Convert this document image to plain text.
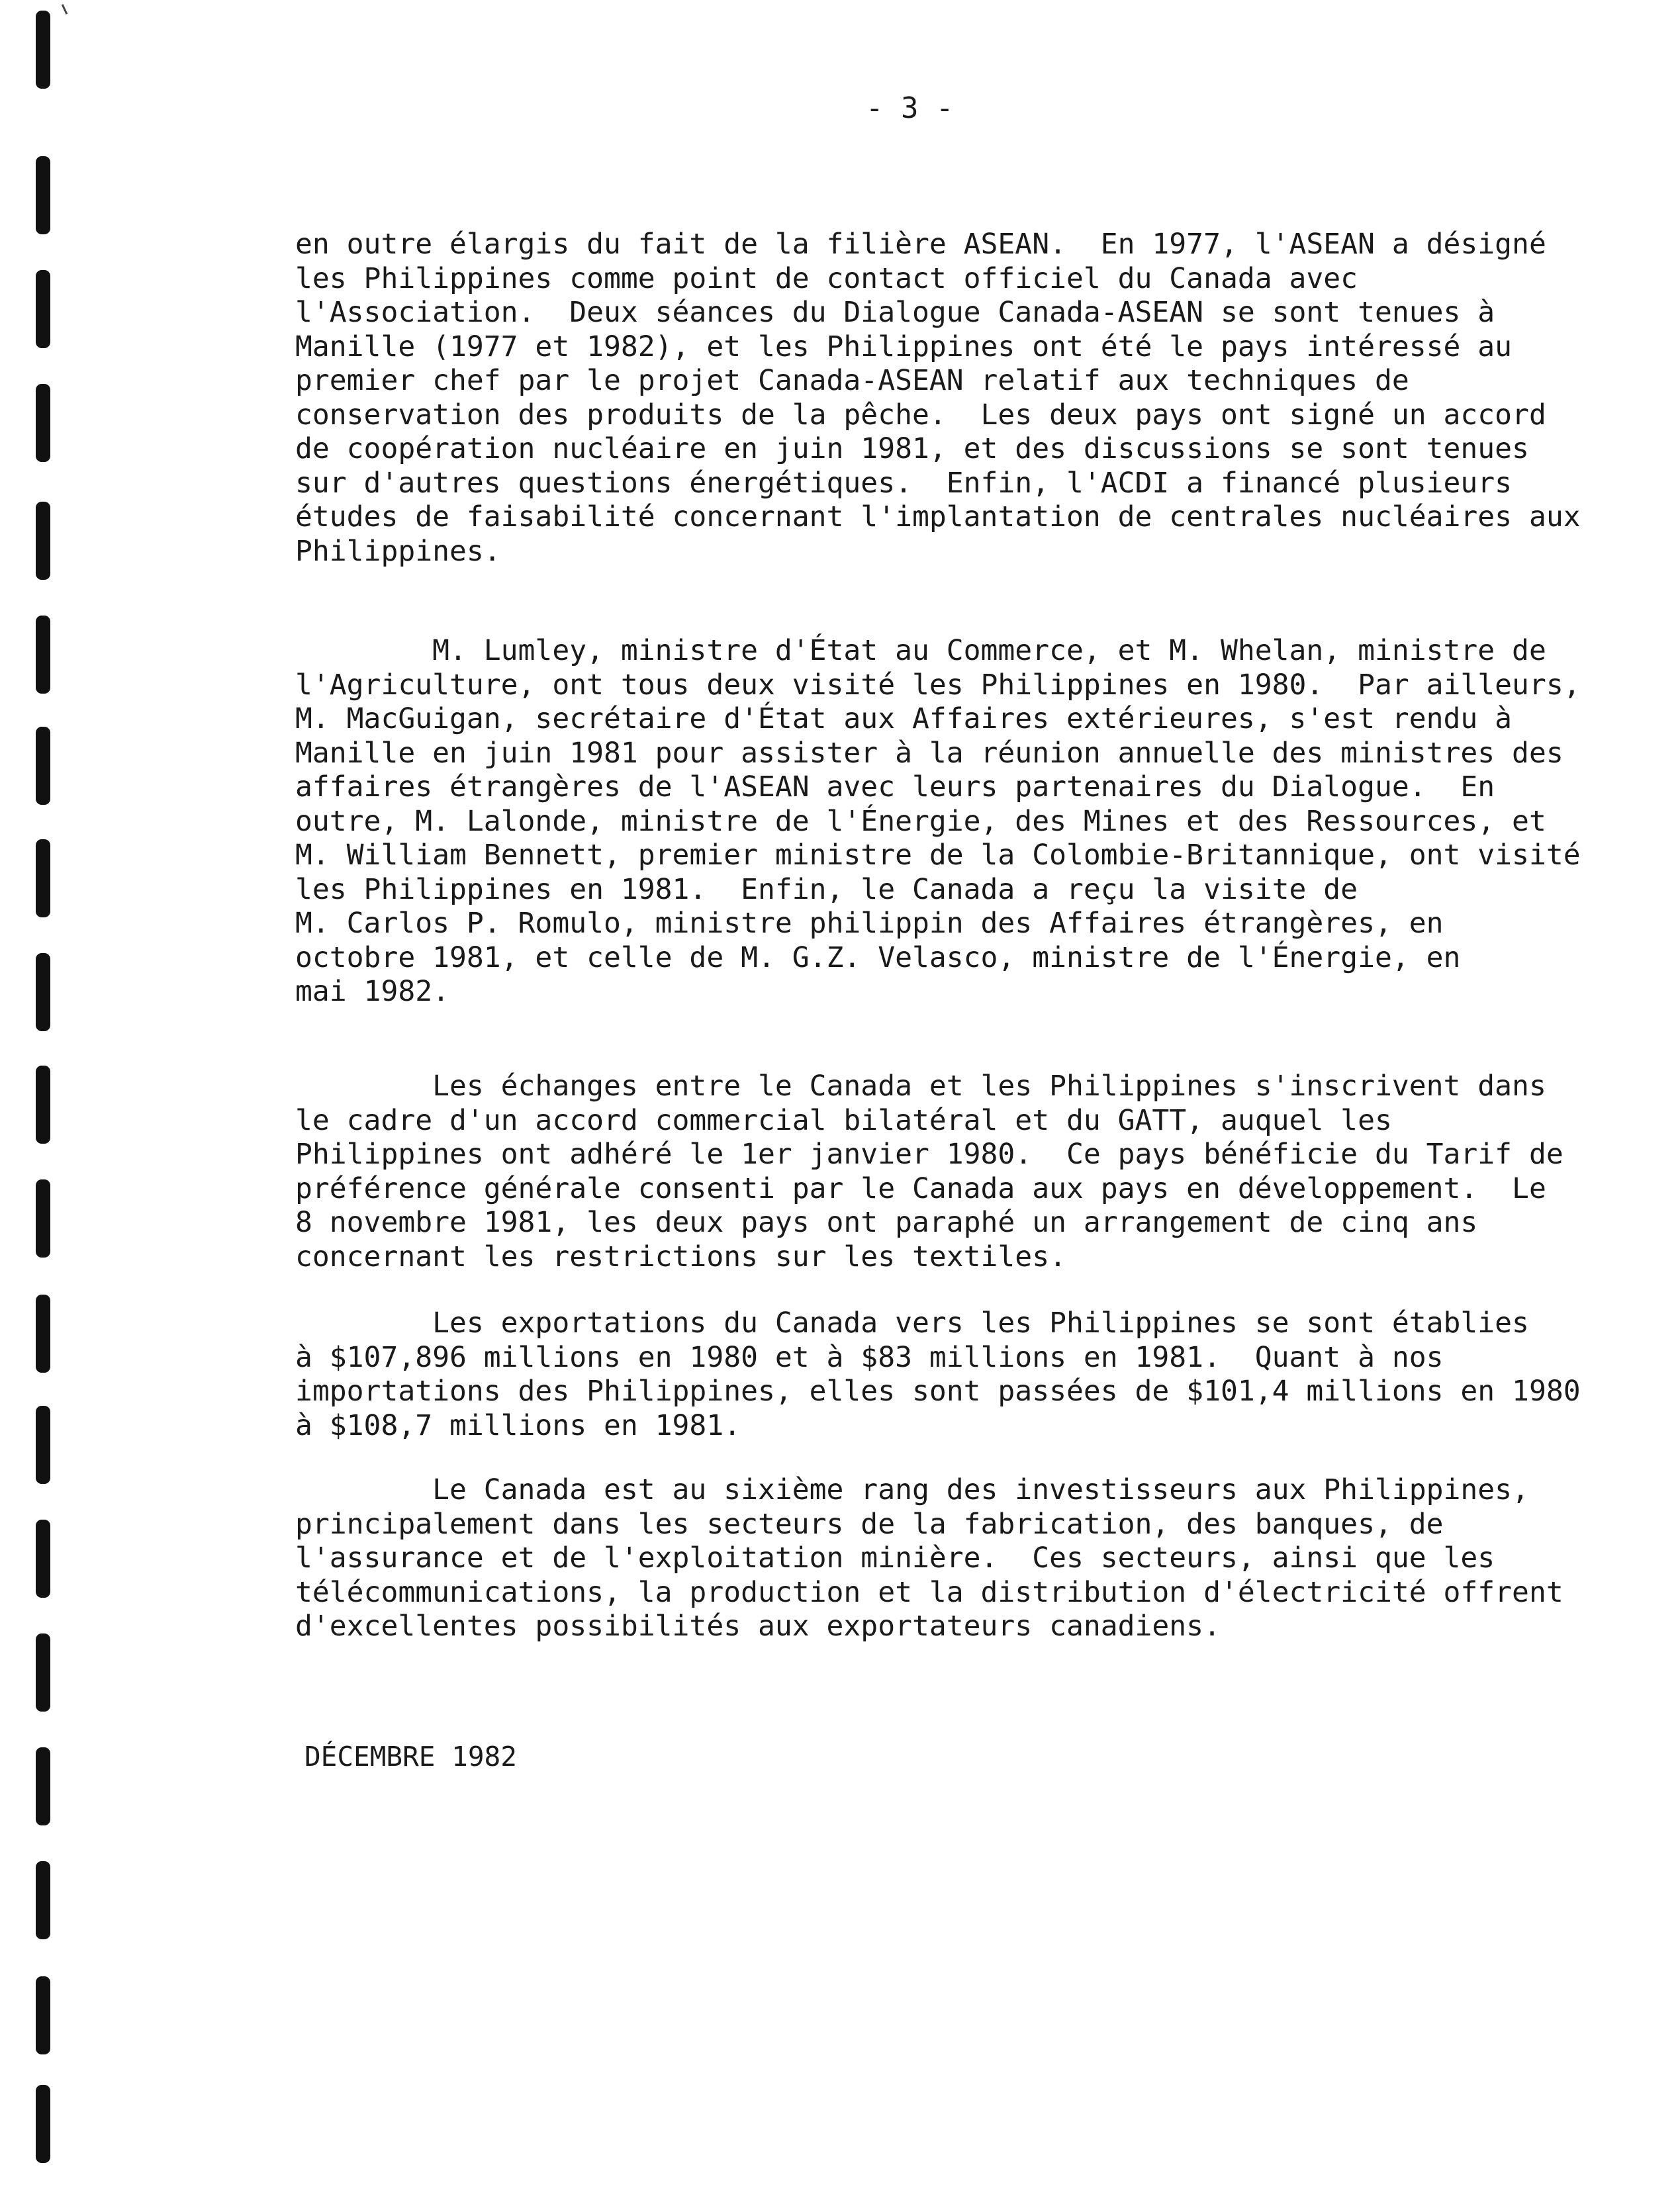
- 3 -
en outre élargis du fait de la filière ASEAN.  En 1977, l'ASEAN a désigné
les Philippines comme point de contact officiel du Canada avec
l'Association.  Deux séances du Dialogue Canada-ASEAN se sont tenues à
Manille (1977 et 1982), et les Philippines ont été le pays intéressé au
premier chef par le projet Canada-ASEAN relatif aux techniques de
conservation des produits de la pêche.  Les deux pays ont signé un accord
de coopération nucléaire en juin 1981, et des discussions se sont tenues
sur d'autres questions énergétiques.  Enfin, l'ACDI a financé plusieurs
études de faisabilité concernant l'implantation de centrales nucléaires aux
Philippines.
M. Lumley, ministre d'État au Commerce, et M. Whelan, ministre de
l'Agriculture, ont tous deux visité les Philippines en 1980.  Par ailleurs,
M. MacGuigan, secrétaire d'État aux Affaires extérieures, s'est rendu à
Manille en juin 1981 pour assister à la réunion annuelle des ministres des
affaires étrangères de l'ASEAN avec leurs partenaires du Dialogue.  En
outre, M. Lalonde, ministre de l'Énergie, des Mines et des Ressources, et
M. William Bennett, premier ministre de la Colombie-Britannique, ont visité
les Philippines en 1981.  Enfin, le Canada a reçu la visite de
M. Carlos P. Romulo, ministre philippin des Affaires étrangères, en
octobre 1981, et celle de M. G.Z. Velasco, ministre de l'Énergie, en
mai 1982.
Les échanges entre le Canada et les Philippines s'inscrivent dans
le cadre d'un accord commercial bilatéral et du GATT, auquel les
Philippines ont adhéré le 1er janvier 1980.  Ce pays bénéficie du Tarif de
préférence générale consenti par le Canada aux pays en développement.  Le
8 novembre 1981, les deux pays ont paraphé un arrangement de cinq ans
concernant les restrictions sur les textiles.
Les exportations du Canada vers les Philippines se sont établies
à $107,896 millions en 1980 et à $83 millions en 1981.  Quant à nos
importations des Philippines, elles sont passées de $101,4 millions en 1980
à $108,7 millions en 1981.
Le Canada est au sixième rang des investisseurs aux Philippines,
principalement dans les secteurs de la fabrication, des banques, de
l'assurance et de l'exploitation minière.  Ces secteurs, ainsi que les
télécommunications, la production et la distribution d'électricité offrent
d'excellentes possibilités aux exportateurs canadiens.
DÉCEMBRE 1982
